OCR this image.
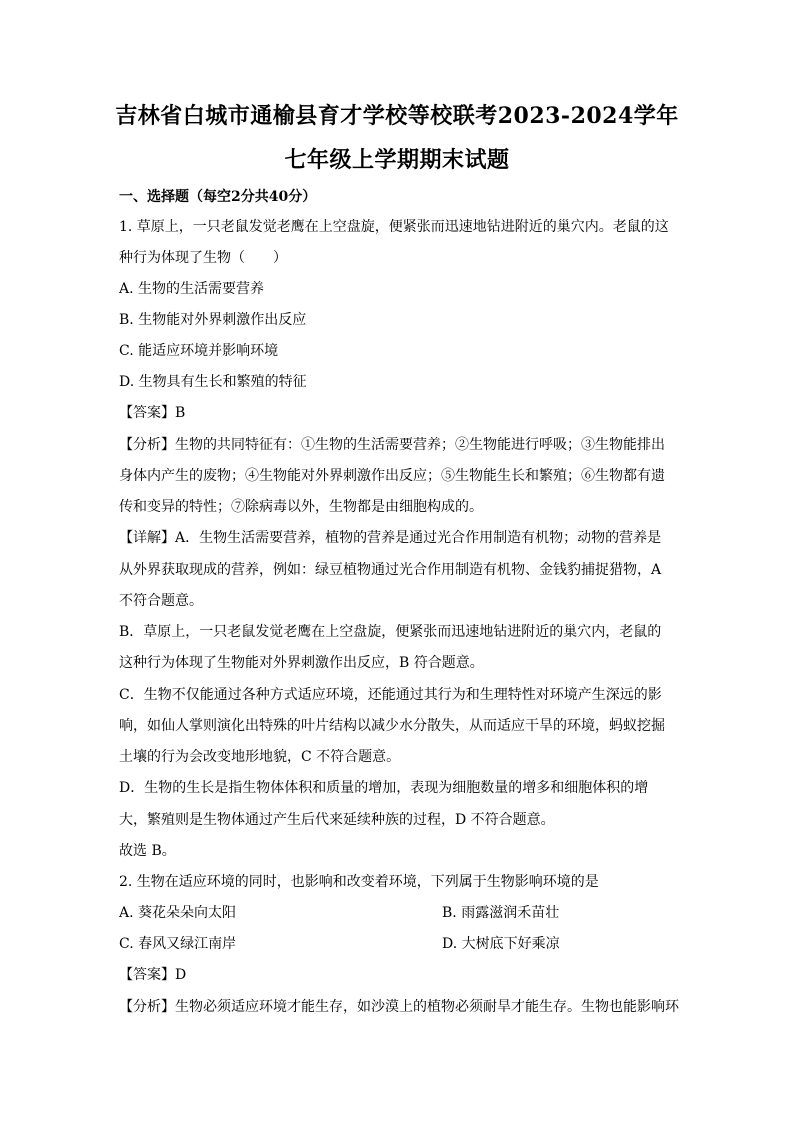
吉林省白城市通榆县育才学校等校联考2023-2024学年
七年级上学期期末试题
一、选择题（每空2分共40分）
1. 草原上，一只老鼠发觉老鹰在上空盘旋，便紧张而迅速地钻进附近的巢穴内。老鼠的这
种行为体现了生物（　　）
A. 生物的生活需要营养
B. 生物能对外界刺激作出反应
C. 能适应环境并影响环境
D. 生物具有生长和繁殖的特征
【答案】B
【分析】生物的共同特征有：①生物的生活需要营养；②生物能进行呼吸；③生物能排出
身体内产生的废物；④生物能对外界刺激作出反应；⑤生物能生长和繁殖；⑥生物都有遗
传和变异的特性；⑦除病毒以外，生物都是由细胞构成的。
【详解】A．生物生活需要营养，植物的营养是通过光合作用制造有机物；动物的营养是
从外界获取现成的营养，例如：绿豆植物通过光合作用制造有机物、金钱豹捕捉猎物，A
不符合题意。
B．草原上，一只老鼠发觉老鹰在上空盘旋，便紧张而迅速地钻进附近的巢穴内，老鼠的
这种行为体现了生物能对外界刺激作出反应，B 符合题意。
C．生物不仅能通过各种方式适应环境，还能通过其行为和生理特性对环境产生深远的影
响，如仙人掌则演化出特殊的叶片结构以减少水分散失，从而适应干旱的环境，蚂蚁挖掘
土壤的行为会改变地形地貌，C 不符合题意。
D．生物的生长是指生物体体积和质量的增加，表现为细胞数量的增多和细胞体积的增
大，繁殖则是生物体通过产生后代来延续种族的过程，D 不符合题意。
故选 B。
2. 生物在适应环境的同时，也影响和改变着环境，下列属于生物影响环境的是
A. 葵花朵朵向太阳	B. 雨露滋润禾苗壮
C. 春风又绿江南岸	D. 大树底下好乘凉
【答案】D
【分析】生物必须适应环境才能生存，如沙漠上的植物必须耐旱才能生存。生物也能影响环
